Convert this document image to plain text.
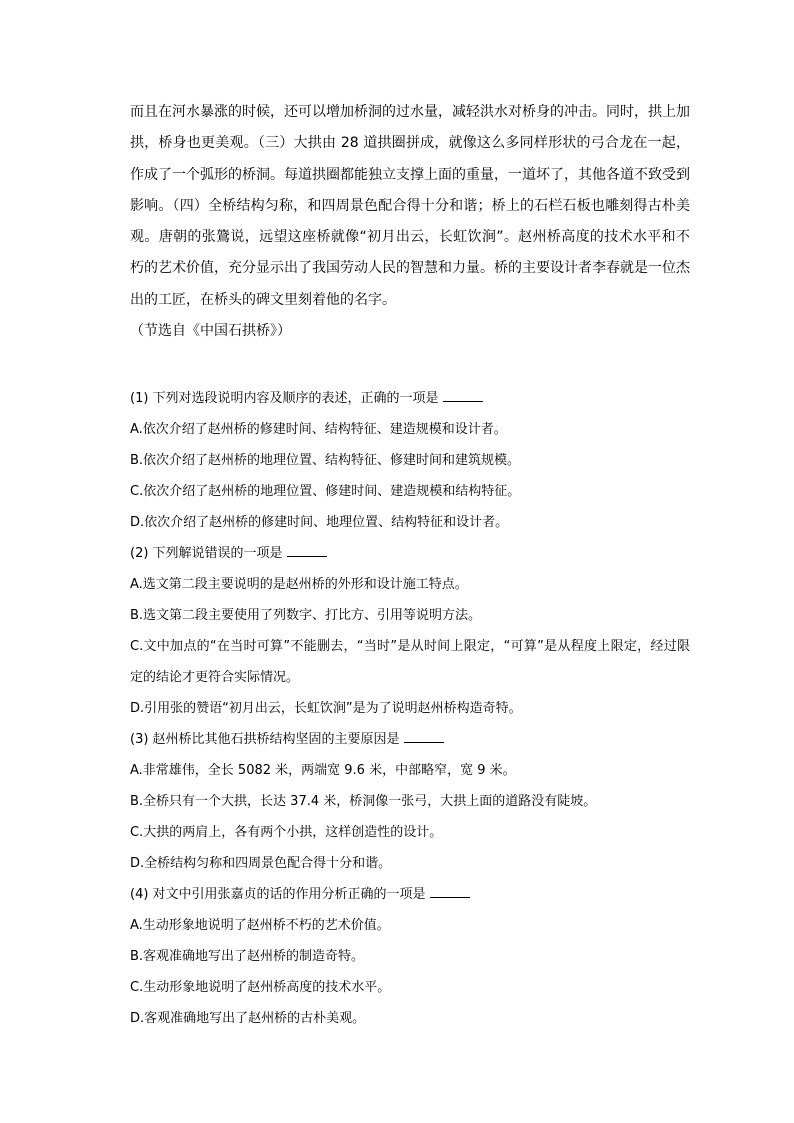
而且在河水暴涨的时候，还可以增加桥洞的过水量，减轻洪水对桥身的冲击。同时，拱上加拱，桥身也更美观。（三）大拱由 28 道拱圈拼成，就像这么多同样形状的弓合龙在一起，作成了一个弧形的桥洞。每道拱圈都能独立支撑上面的重量，一道坏了，其他各道不致受到影响。（四）全桥结构匀称，和四周景色配合得十分和谐；桥上的石栏石板也雕刻得古朴美观。唐朝的张鷟说，远望这座桥就像“初月出云，长虹饮涧”。赵州桥高度的技术水平和不朽的艺术价值，充分显示出了我国劳动人民的智慧和力量。桥的主要设计者李春就是一位杰出的工匠，在桥头的碑文里刻着他的名字。

（节选自《中国石拱桥》）

(1) 下列对选段说明内容及顺序的表述，正确的一项是

A.依次介绍了赵州桥的修建时间、结构特征、建造规模和设计者。

B.依次介绍了赵州桥的地理位置、结构特征、修建时间和建筑规模。

C.依次介绍了赵州桥的地理位置、修建时间、建造规模和结构特征。

D.依次介绍了赵州桥的修建时间、地理位置、结构特征和设计者。

(2) 下列解说错误的一项是

A.选文第二段主要说明的是赵州桥的外形和设计施工特点。

B.选文第二段主要使用了列数字、打比方、引用等说明方法。

C.文中加点的“在当时可算”不能删去，“当时”是从时间上限定，“可算”是从程度上限定，经过限定的结论才更符合实际情况。

D.引用张的赞语“初月出云，长虹饮涧”是为了说明赵州桥构造奇特。

(3) 赵州桥比其他石拱桥结构坚固的主要原因是

A.非常雄伟，全长 5082 米，两端宽 9.6 米，中部略窄，宽 9 米。

B.全桥只有一个大拱，长达 37.4 米，桥洞像一张弓，大拱上面的道路没有陡坡。

C.大拱的两肩上，各有两个小拱，这样创造性的设计。

D.全桥结构匀称和四周景色配合得十分和谐。

(4) 对文中引用张嘉贞的话的作用分析正确的一项是

A.生动形象地说明了赵州桥不朽的艺术价值。

B.客观准确地写出了赵州桥的制造奇特。

C.生动形象地说明了赵州桥高度的技术水平。

D.客观准确地写出了赵州桥的古朴美观。
